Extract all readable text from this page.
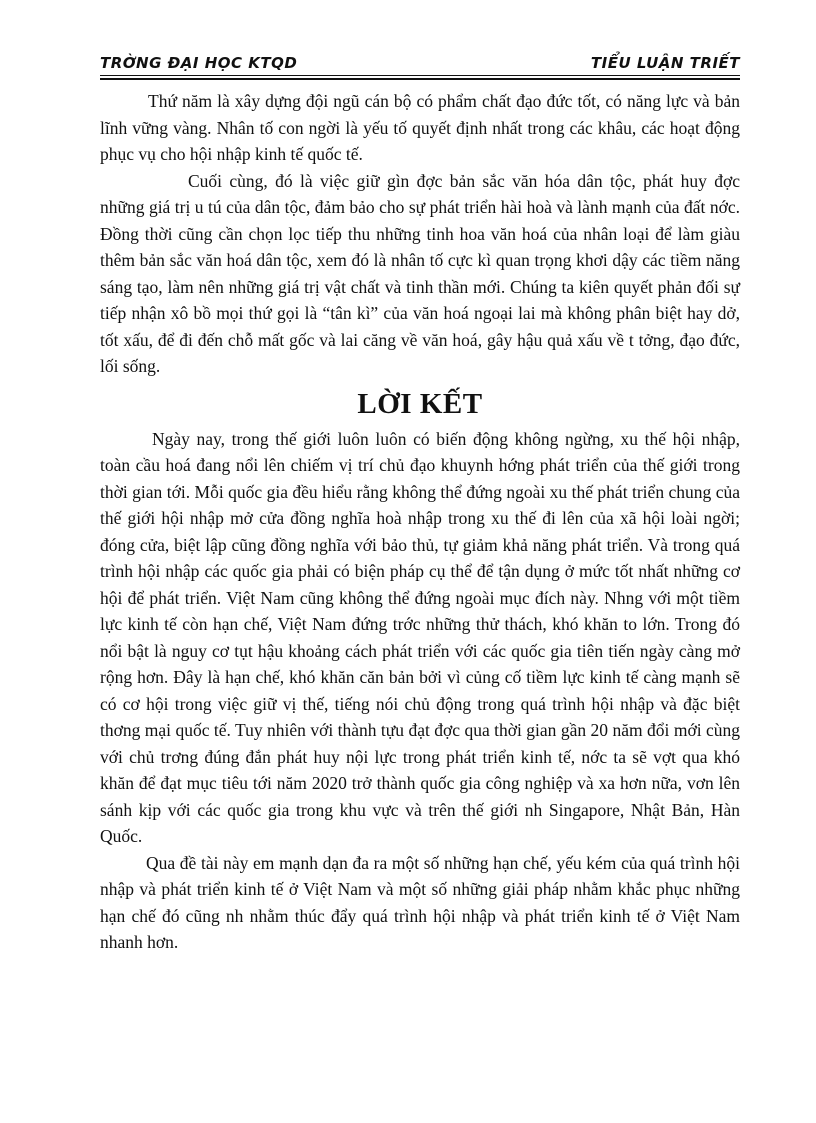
TRỜNG ĐẠI HỌC KTQD	TIỂU LUẬN TRIẾT

Thứ năm là xây dựng đội ngũ cán bộ có phẩm chất đạo đức tốt, có năng lực và bản lĩnh vững vàng. Nhân tố con ngời là yếu tố quyết định nhất trong các khâu, các hoạt động phục vụ cho hội nhập kinh tế quốc tế.

Cuối cùng, đó là việc giữ gìn đợc bản sắc văn hóa dân tộc, phát huy đợc những giá trị u tú của dân tộc, đảm bảo cho sự phát triển hài hoà và lành mạnh của đất nớc. Đồng thời cũng cần chọn lọc tiếp thu những tinh hoa văn hoá của nhân loại để làm giàu thêm bản sắc văn hoá dân tộc, xem đó là nhân tố cực kì quan trọng khơi dậy các tiềm năng sáng tạo, làm nên những giá trị vật chất và tinh thần mới. Chúng ta kiên quyết phản đối sự tiếp nhận xô bồ mọi thứ gọi là “tân kì” của văn hoá ngoại lai mà không phân biệt hay dở, tốt xấu, để đi đến chỗ mất gốc và lai căng về văn hoá, gây hậu quả xấu về t tởng, đạo đức, lối sống.

LỜI KẾT

Ngày nay, trong thế giới luôn luôn có biến động không ngừng, xu thế hội nhập, toàn cầu hoá đang nổi lên chiếm vị trí chủ đạo khuynh hớng phát triển của thế giới trong thời gian tới. Mỗi quốc gia đều hiểu rằng không thể đứng ngoài xu thế phát triển chung của thế giới hội nhập mở cửa đồng nghĩa hoà nhập trong xu thế đi lên của xã hội loài ngời; đóng cửa, biệt lập cũng đồng nghĩa với bảo thủ, tự giảm khả năng phát triển. Và trong quá trình hội nhập các quốc gia phải có biện pháp cụ thể để tận dụng ở mức tốt nhất những cơ hội để phát triển. Việt Nam cũng không thể đứng ngoài mục đích này. Nhng với một tiềm lực kinh tế còn hạn chế, Việt Nam đứng trớc những thử thách, khó khăn to lớn. Trong đó nổi bật là nguy cơ tụt hậu khoảng cách phát triển với các quốc gia tiên tiến ngày càng mở rộng hơn. Đây là hạn chế, khó khăn căn bản bởi vì củng cố tiềm lực kinh tế càng mạnh sẽ có cơ hội trong việc giữ vị thế, tiếng nói chủ động trong quá trình hội nhập và đặc biệt thơng mại quốc tế. Tuy nhiên với thành tựu đạt đợc qua thời gian gần 20 năm đổi mới cùng với chủ trơng đúng đắn phát huy nội lực trong phát triển kinh tế, nớc ta sẽ vợt qua khó khăn để đạt mục tiêu tới năm 2020 trở thành quốc gia công nghiệp và xa hơn nữa, vơn lên sánh kịp với các quốc gia trong khu vực và trên thế giới nh Singapore, Nhật Bản, Hàn Quốc.

Qua đề tài này em mạnh dạn đa ra một số những hạn chế, yếu kém của quá trình hội nhập và phát triển kinh tế ở Việt Nam và một số những giải pháp nhằm khắc phục những hạn chế đó cũng nh nhằm thúc đẩy quá trình hội nhập và phát triển kinh tế ở Việt Nam nhanh hơn.
